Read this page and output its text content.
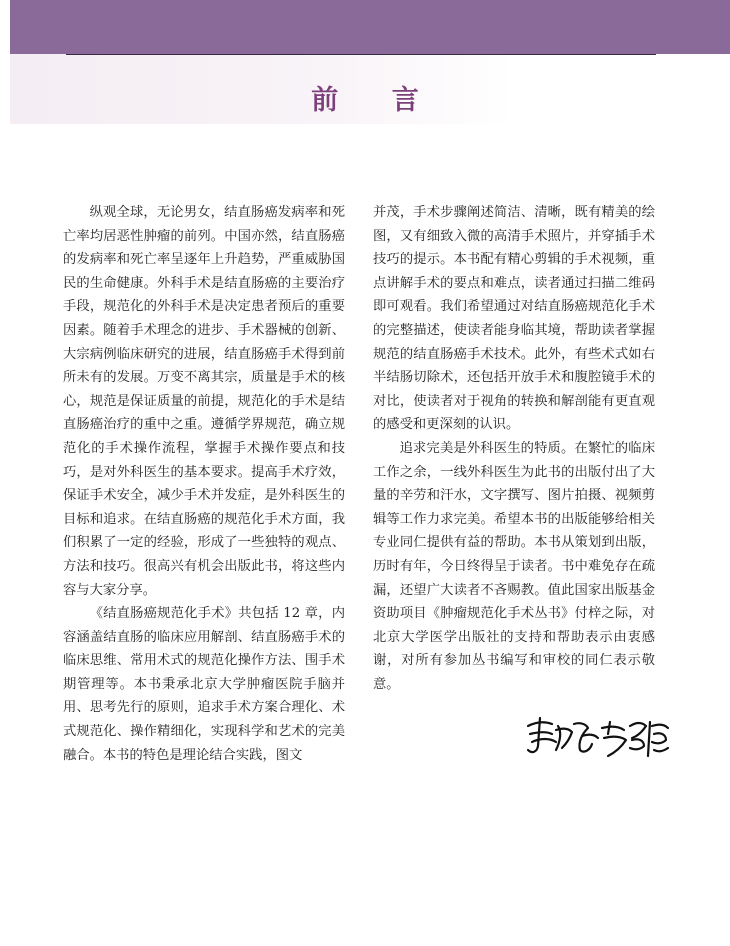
前 言

纵观全球，无论男女，结直肠癌发病率和死亡率均居恶性肿瘤的前列。中国亦然，结直肠癌的发病率和死亡率呈逐年上升趋势，严重威胁国民的生命健康。外科手术是结直肠癌的主要治疗手段，规范化的外科手术是决定患者预后的重要因素。随着手术理念的进步、手术器械的创新、大宗病例临床研究的进展，结直肠癌手术得到前所未有的发展。万变不离其宗，质量是手术的核心，规范是保证质量的前提，规范化的手术是结直肠癌治疗的重中之重。遵循学界规范，确立规范化的手术操作流程，掌握手术操作要点和技巧，是对外科医生的基本要求。提高手术疗效，保证手术安全，减少手术并发症，是外科医生的目标和追求。在结直肠癌的规范化手术方面，我们积累了一定的经验，形成了一些独特的观点、方法和技巧。很高兴有机会出版此书，将这些内容与大家分享。

《结直肠癌规范化手术》共包括 12 章，内容涵盖结直肠的临床应用解剖、结直肠癌手术的临床思维、常用术式的规范化操作方法、围手术期管理等。本书秉承北京大学肿瘤医院手脑并用、思考先行的原则，追求手术方案合理化、术式规范化、操作精细化，实现科学和艺术的完美融合。本书的特色是理论结合实践，图文

并茂，手术步骤阐述简洁、清晰，既有精美的绘图，又有细致入微的高清手术照片，并穿插手术技巧的提示。本书配有精心剪辑的手术视频，重点讲解手术的要点和难点，读者通过扫描二维码即可观看。我们希望通过对结直肠癌规范化手术的完整描述，使读者能身临其境，帮助读者掌握规范的结直肠癌手术技术。此外，有些术式如右半结肠切除术，还包括开放手术和腹腔镜手术的对比，使读者对于视角的转换和解剖能有更直观的感受和更深刻的认识。

追求完美是外科医生的特质。在繁忙的临床工作之余，一线外科医生为此书的出版付出了大量的辛劳和汗水，文字撰写、图片拍摄、视频剪辑等工作力求完美。希望本书的出版能够给相关专业同仁提供有益的帮助。本书从策划到出版，历时有年，今日终得呈于读者。书中难免存在疏漏，还望广大读者不吝赐教。值此国家出版基金资助项目《肿瘤规范化手术丛书》付梓之际，对北京大学医学出版社的支持和帮助表示由衷感谢，对所有参加丛书编写和审校的同仁表示敬意。
